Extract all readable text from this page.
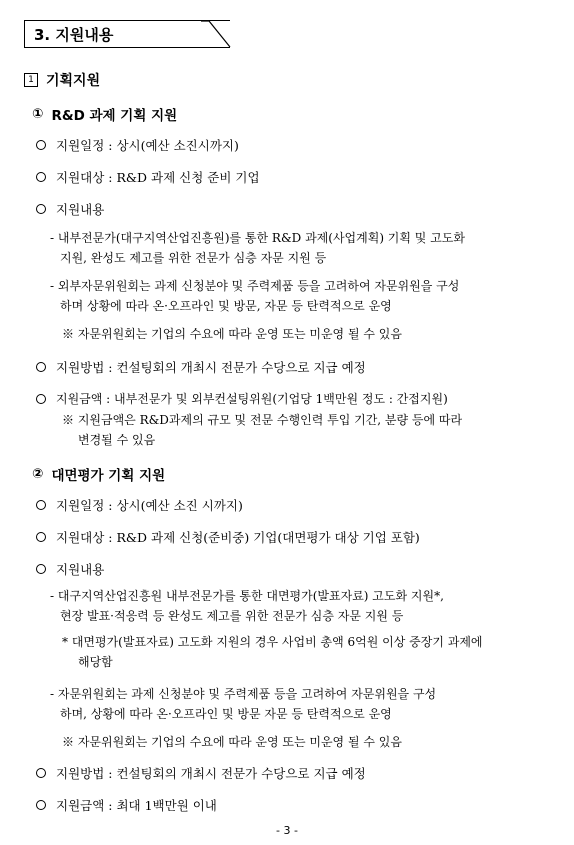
3. 지원내용
1 기획지원
① R&D 과제 기획 지원
지원일정 : 상시(예산 소진시까지)
지원대상 : R&D 과제 신청 준비 기업
지원내용
- 내부전문가(대구지역산업진흥원)를 통한 R&D 과제(사업계획) 기획 및 고도화
지원, 완성도 제고를 위한 전문가 심층 자문 지원 등
- 외부자문위원회는 과제 신청분야 및 주력제품 등을 고려하여 자문위원을 구성
하며 상황에 따라 온·오프라인 및 방문, 자문 등 탄력적으로 운영
※ 자문위원회는 기업의 수요에 따라 운영 또는 미운영 될 수 있음
지원방법 : 컨설팅회의 개최시 전문가 수당으로 지급 예정
지원금액 : 내부전문가 및 외부컨설팅위원(기업당 1백만원 정도 : 간접지원)
※ 지원금액은 R&D과제의 규모 및 전문 수행인력 투입 기간, 분량 등에 따라
변경될 수 있음
② 대면평가 기획 지원
지원일정 : 상시(예산 소진 시까지)
지원대상 : R&D 과제 신청(준비중) 기업(대면평가 대상 기업 포함)
지원내용
- 대구지역산업진흥원 내부전문가를 통한 대면평가(발표자료) 고도화 지원*,
현장 발표·적응력 등 완성도 제고를 위한 전문가 심층 자문 지원 등
* 대면평가(발표자료) 고도화 지원의 경우 사업비 총액 6억원 이상 중장기 과제에
해당함
- 자문위원회는 과제 신청분야 및 주력제품 등을 고려하여 자문위원을 구성
하며, 상황에 따라 온·오프라인 및 방문 자문 등 탄력적으로 운영
※ 자문위원회는 기업의 수요에 따라 운영 또는 미운영 될 수 있음
지원방법 : 컨설팅회의 개최시 전문가 수당으로 지급 예정
지원금액 : 최대 1백만원 이내
- 3 -
